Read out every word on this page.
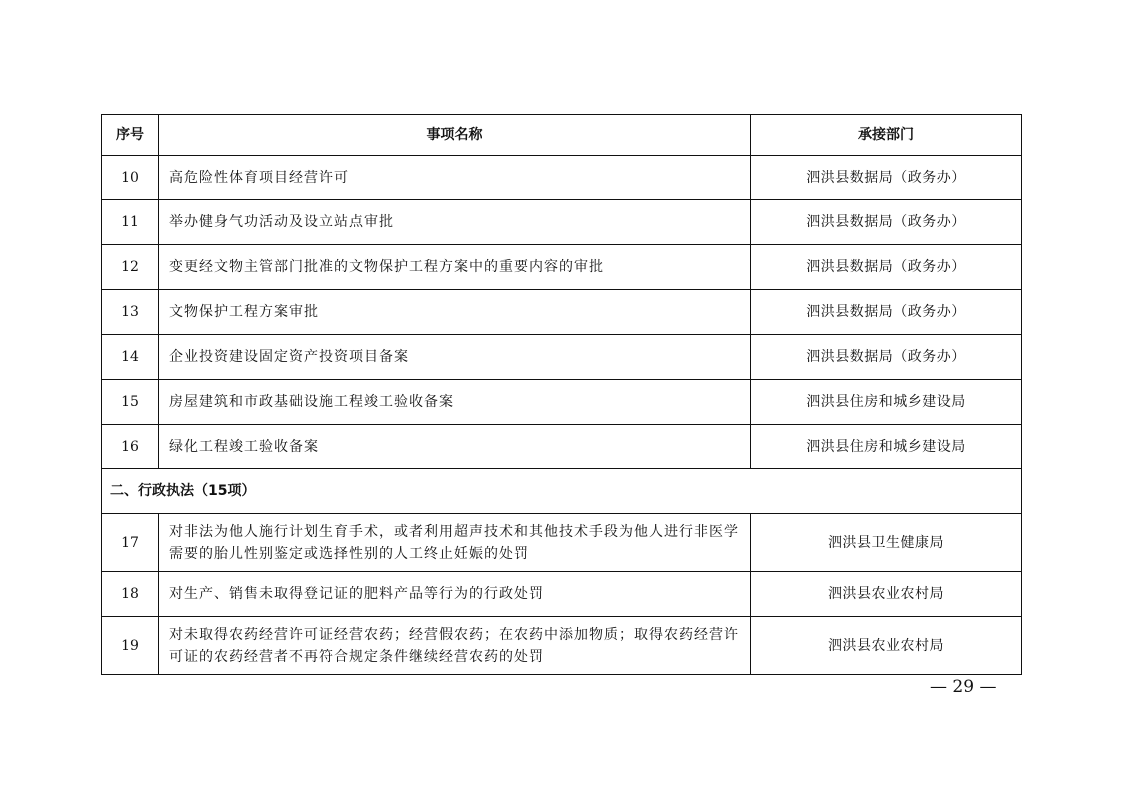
序号	事项名称	承接部门
10	高危险性体育项目经营许可	泗洪县数据局（政务办）
11	举办健身气功活动及设立站点审批	泗洪县数据局（政务办）
12	变更经文物主管部门批准的文物保护工程方案中的重要内容的审批	泗洪县数据局（政务办）
13	文物保护工程方案审批	泗洪县数据局（政务办）
14	企业投资建设固定资产投资项目备案	泗洪县数据局（政务办）
15	房屋建筑和市政基础设施工程竣工验收备案	泗洪县住房和城乡建设局
16	绿化工程竣工验收备案	泗洪县住房和城乡建设局
二、行政执法（15项）		
17	对非法为他人施行计划生育手术，或者利用超声技术和其他技术手段为他人进行非医学需要的胎儿性别鉴定或选择性别的人工终止妊娠的处罚	泗洪县卫生健康局
18	对生产、销售未取得登记证的肥料产品等行为的行政处罚	泗洪县农业农村局
19	对未取得农药经营许可证经营农药；经营假农药；在农药中添加物质；取得农药经营许可证的农药经营者不再符合规定条件继续经营农药的处罚	泗洪县农业农村局
— 29 —
